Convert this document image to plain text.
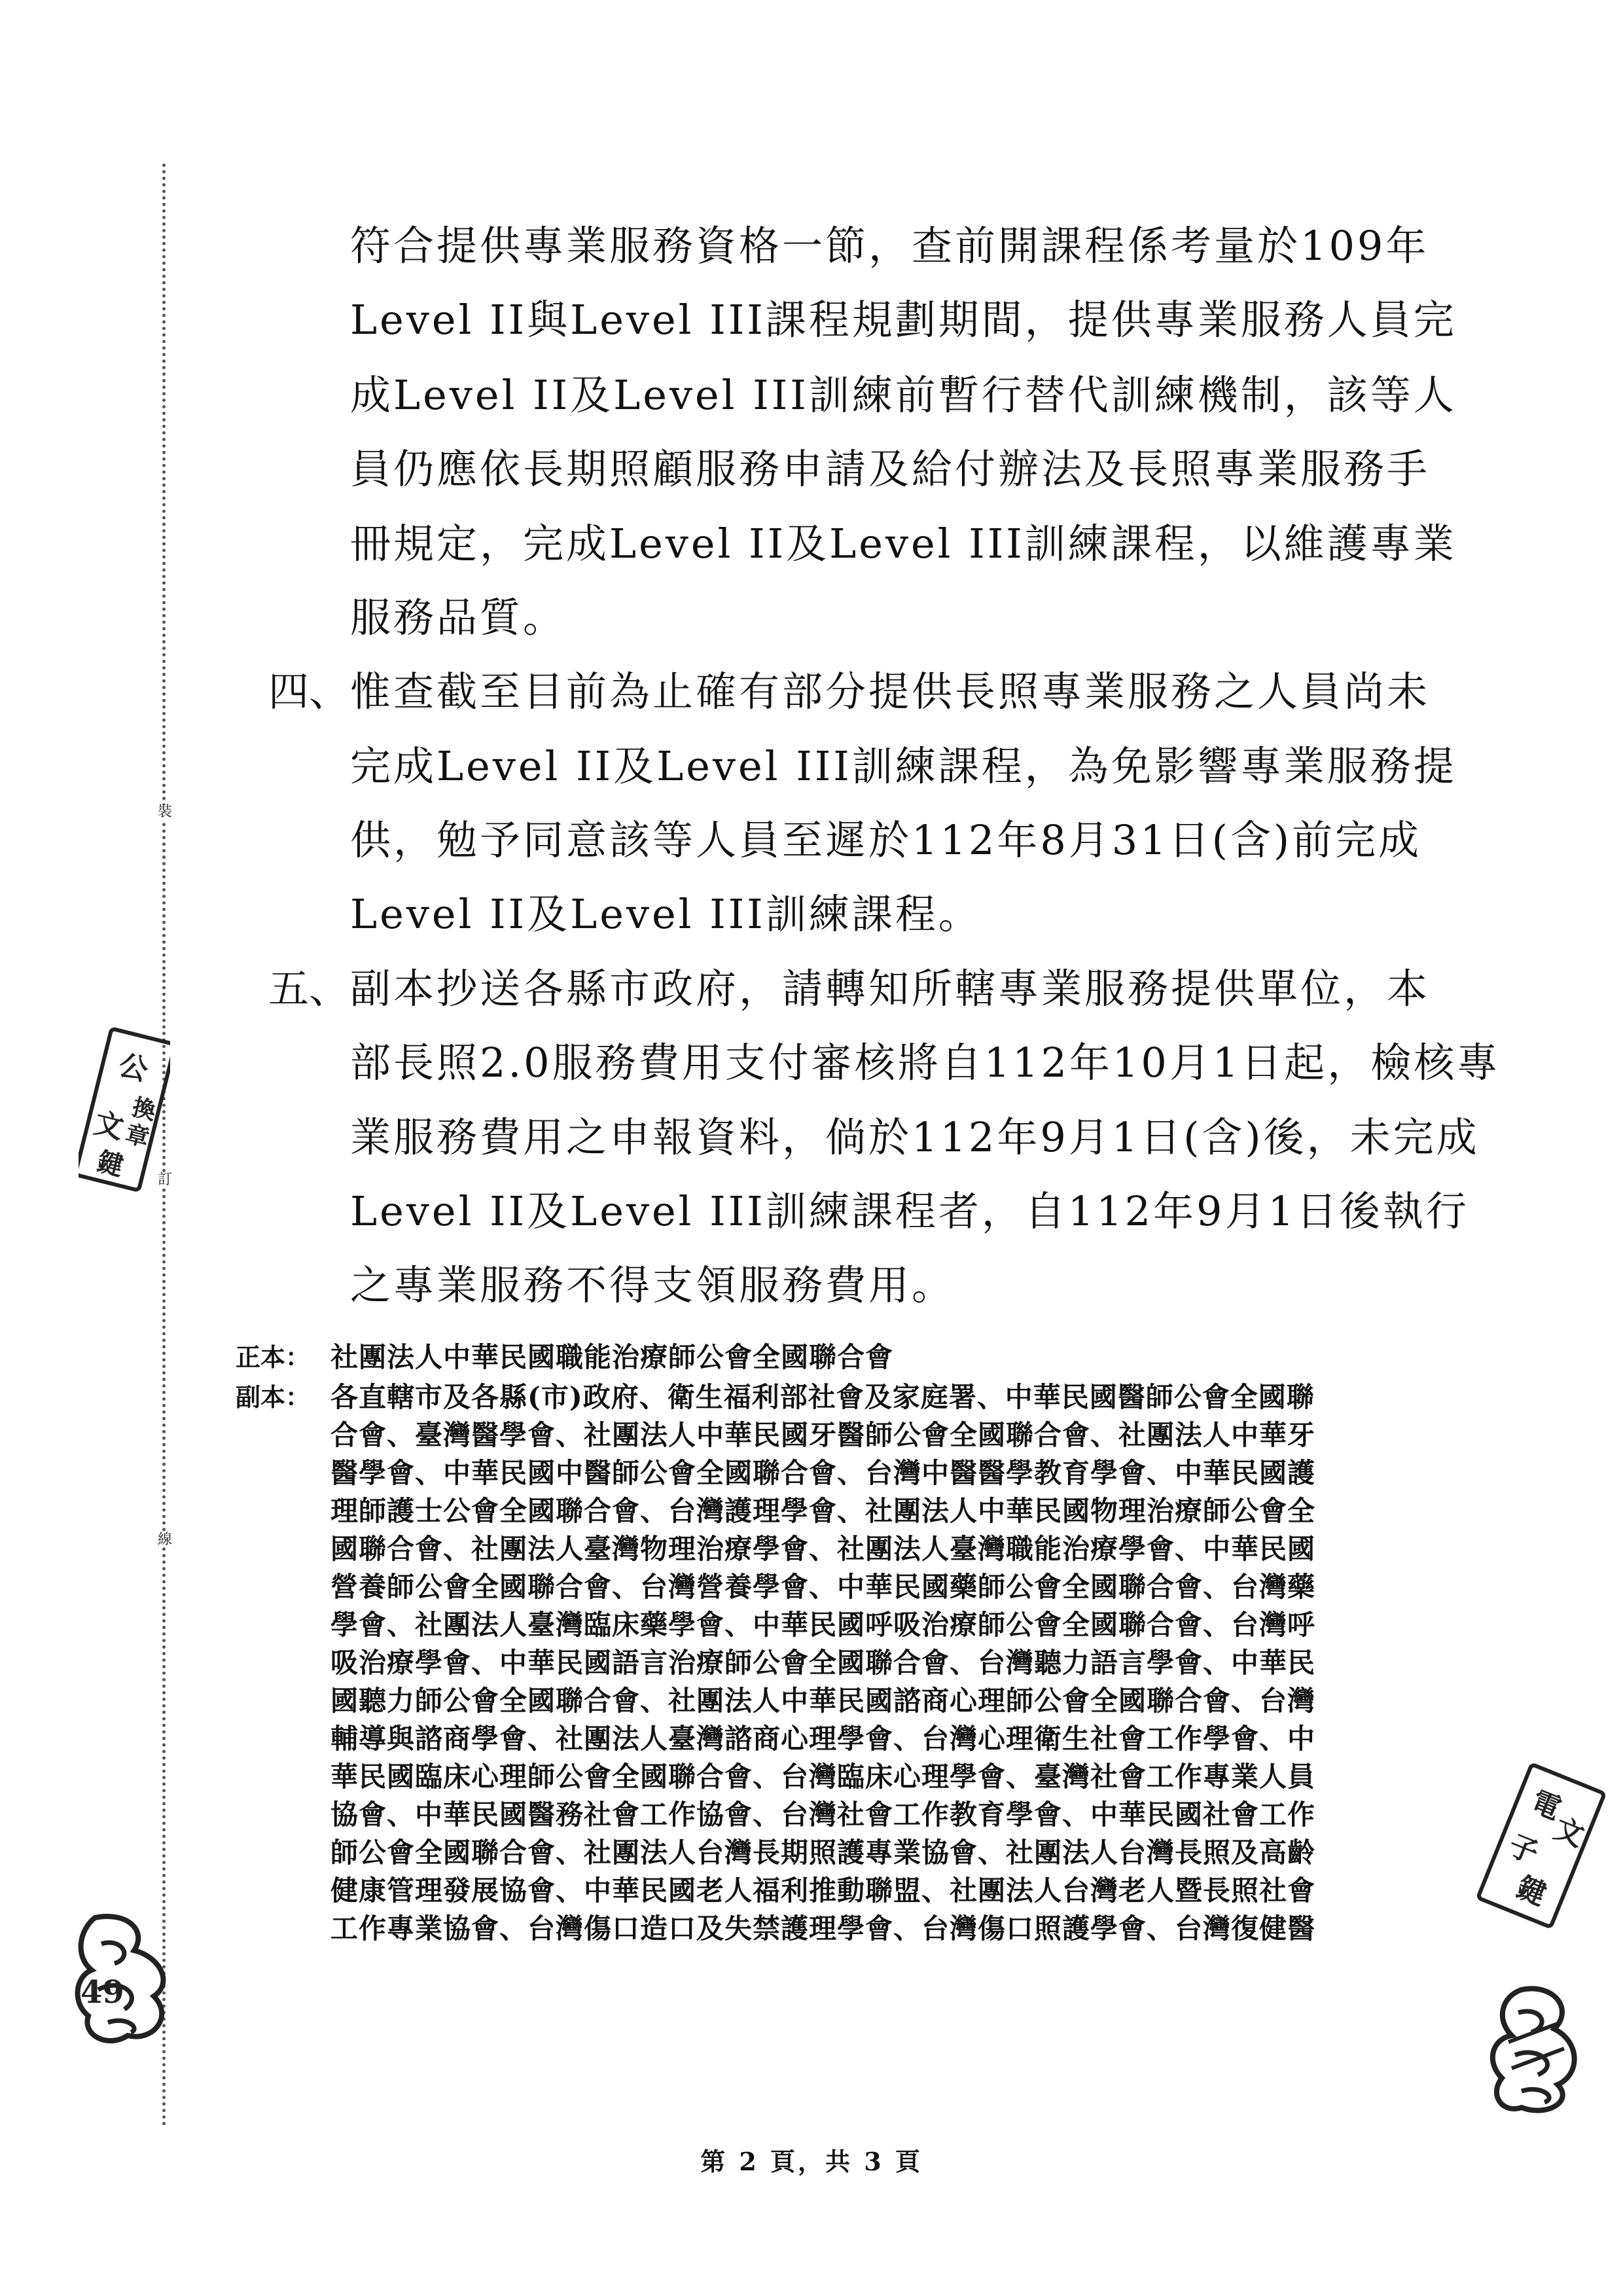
裝
訂
線
符合提供專業服務資格一節，查前開課程係考量於109年
Level II與Level III課程規劃期間，提供專業服務人員完
成Level II及Level III訓練前暫行替代訓練機制，該等人
員仍應依長期照顧服務申請及給付辦法及長照專業服務手
冊規定，完成Level II及Level III訓練課程，以維護專業
服務品質。
四、 惟查截至目前為止確有部分提供長照專業服務之人員尚未
完成Level II及Level III訓練課程，為免影響專業服務提
供，勉予同意該等人員至遲於112年8月31日(含)前完成
Level II及Level III訓練課程。
五、 副本抄送各縣市政府，請轉知所轄專業服務提供單位，本
部長照2.0服務費用支付審核將自112年10月1日起，檢核專
業服務費用之申報資料，倘於112年9月1日(含)後，未完成
Level II及Level III訓練課程者，自112年9月1日後執行
之專業服務不得支領服務費用。
正本： 社團法人中華民國職能治療師公會全國聯合會
副本： 各直轄市及各縣(市)政府、衛生福利部社會及家庭署、中華民國醫師公會全國聯
合會、臺灣醫學會、社團法人中華民國牙醫師公會全國聯合會、社團法人中華牙
醫學會、中華民國中醫師公會全國聯合會、台灣中醫醫學教育學會、中華民國護
理師護士公會全國聯合會、台灣護理學會、社團法人中華民國物理治療師公會全
國聯合會、社團法人臺灣物理治療學會、社團法人臺灣職能治療學會、中華民國
營養師公會全國聯合會、台灣營養學會、中華民國藥師公會全國聯合會、台灣藥
學會、社團法人臺灣臨床藥學會、中華民國呼吸治療師公會全國聯合會、台灣呼
吸治療學會、中華民國語言治療師公會全國聯合會、台灣聽力語言學會、中華民
國聽力師公會全國聯合會、社團法人中華民國諮商心理師公會全國聯合會、台灣
輔導與諮商學會、社團法人臺灣諮商心理學會、台灣心理衛生社會工作學會、中
華民國臨床心理師公會全國聯合會、台灣臨床心理學會、臺灣社會工作專業人員
協會、中華民國醫務社會工作協會、台灣社會工作教育學會、中華民國社會工作
師公會全國聯合會、社團法人台灣長期照護專業協會、社團法人台灣長照及高齡
健康管理發展協會、中華民國老人福利推動聯盟、社團法人台灣老人暨長照社會
工作專業協會、台灣傷口造口及失禁護理學會、台灣傷口照護學會、台灣復健醫
第 2 頁，共 3 頁
公
換
章
文
鍵
電
文
子
鍵
49
